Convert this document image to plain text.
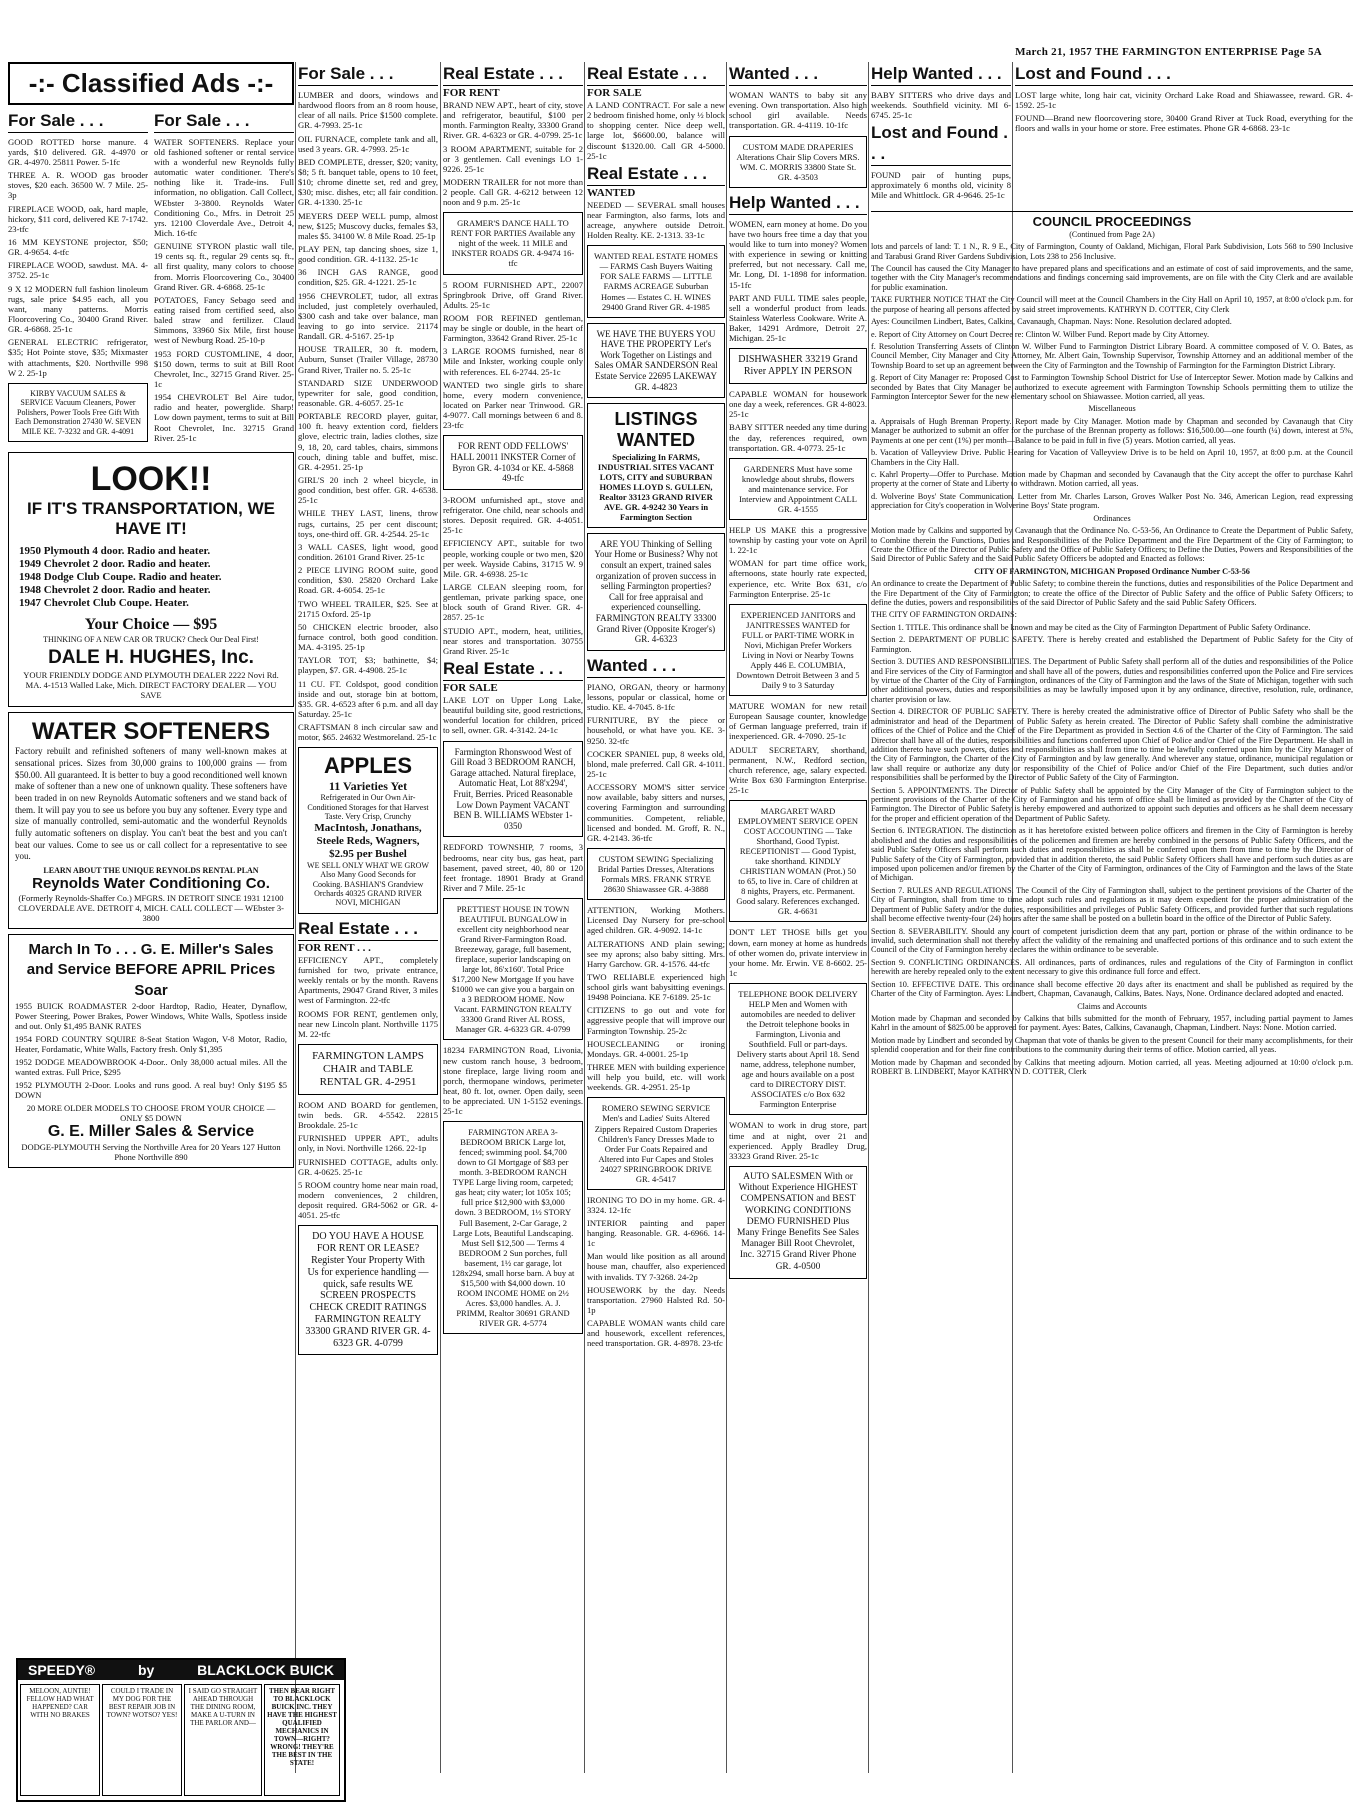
March 21, 1957 THE FARMINGTON ENTERPRISE Page 5A
-:- Classified Ads -:-
For Sale . . .

GOOD ROTTED horse manure. 4 yards, $10 delivered. GR. 4-4970 or GR. 4-4970. 25811 Power. 5-1fc

THREE A. R. WOOD gas brooder stoves, $20 each. 36500 W. 7 Mile. 25-3p

FIREPLACE WOOD, oak, hard maple, hickory, $11 cord, delivered KE 7-1742. 23-tfc

16 MM KEYSTONE projector, $50; GR. 4-9654. 4-tfc

FIREPLACE WOOD, sawdust. MA. 4-3752. 25-1c

9 X 12 MODERN full fashion linoleum rugs, sale price $4.95 each, all you want, many patterns. Morris Floorcovering Co., 30400 Grand River. GR. 4-6868. 25-1c

GENERAL ELECTRIC refrigerator, $35; Hot Pointe stove, $35; Mixmaster with attachments, $20. Northville 998 W 2. 25-1p

KIRBY VACUUM SALES & SERVICE Vacuum Cleaners, Power Polishers, Power Tools Free Gift With Each Demonstration 27430 W. SEVEN MILE KE. 7-3232 and GR. 4-4091
For Sale . . .

WATER SOFTENERS. Replace your old fashioned softener or rental service with a wonderful new Reynolds fully automatic water conditioner. There's nothing like it. Trade-ins. Full information, no obligation. Call Collect, WEbster 3-3800. Reynolds Water Conditioning Co., Mfrs. in Detroit 25 yrs. 12100 Cloverdale Ave., Detroit 4, Mich. 16-tfc

GENUINE STYRON plastic wall tile, 19 cents sq. ft., regular 29 cents sq. ft., all first quality, many colors to choose from. Morris Floorcovering Co., 30400 Grand River. GR. 4-6868. 25-1c

POTATOES, Fancy Sebago seed and eating raised from certified seed, also baled straw and fertilizer. Claud Simmons, 33960 Six Mile, first house west of Newburg Road. 25-10-p

1953 FORD CUSTOMLINE, 4 door, $150 down, terms to suit at Bill Root Chevrolet, Inc., 32715 Grand River. 25-1c

1954 CHEVROLET Bel Aire tudor, radio and heater, powerglide. Sharp! Low down payment, terms to suit at Bill Root Chevrolet, Inc. 32715 Grand River. 25-1c

LOOK!!
IF IT'S TRANSPORTATION, WE HAVE IT!

1950 Plymouth 4 door. Radio and heater.

1949 Chevrolet 2 door. Radio and heater.

1948 Dodge Club Coupe. Radio and heater.

1948 Chevrolet 2 door. Radio and heater.

1947 Chevrolet Club Coupe. Heater.

Your Choice — $95
THINKING OF A NEW CAR OR TRUCK? Check Our Deal First!
DALE H. HUGHES, Inc.
YOUR FRIENDLY DODGE AND PLYMOUTH DEALER 2222 Novi Rd. MA. 4-1513 Walled Lake, Mich. DIRECT FACTORY DEALER — YOU SAVE
WATER SOFTENERS

Factory rebuilt and refinished softeners of many well-known makes at sensational prices. Sizes from 30,000 grains to 100,000 grains — from $50.00. All guaranteed. It is better to buy a good reconditioned well known make of softener than a new one of unknown quality. These softeners have been traded in on new Reynolds Automatic softeners and we stand back of them. It will pay you to see us before you buy any softener. Every type and size of manually controlled, semi-automatic and the wonderful Reynolds fully automatic softeners on display. You can't beat the best and you can't beat our values. Come to see us or call collect for a representative to see you.

LEARN ABOUT THE UNIQUE REYNOLDS RENTAL PLAN
Reynolds Water Conditioning Co.
(Formerly Reynolds-Shaffer Co.) MFGRS. IN DETROIT SINCE 1931 12100 CLOVERDALE AVE. DETROIT 4, MICH. CALL COLLECT — WEbster 3-3800
March In To . . . G. E. Miller's Sales and Service BEFORE APRIL Prices Soar

1955 BUICK ROADMASTER 2-door Hardtop, Radio, Heater, Dynaflow, Power Steering, Power Brakes, Power Windows, White Walls, Spotless inside and out. Only $1,495 BANK RATES

1954 FORD COUNTRY SQUIRE 8-Seat Station Wagon, V-8 Motor, Radio, Heater, Fordamatic, White Walls, Factory fresh. Only $1,395

1952 DODGE MEADOWBROOK 4-Door.. Only 38,000 actual miles. All the wanted extras. Full Price, $295

1952 PLYMOUTH 2-Door. Looks and runs good. A real buy! Only $195 $5 DOWN

20 MORE OLDER MODELS TO CHOOSE FROM YOUR CHOICE — ONLY $5 DOWN
G. E. Miller Sales & Service
DODGE-PLYMOUTH Serving the Northville Area for 20 Years 127 Hutton Phone Northville 890
For Sale . . .

LUMBER and doors, windows and hardwood floors from an 8 room house, clear of all nails. Price $1500 complete. GR. 4-7993. 25-1c

OIL FURNACE, complete tank and all, used 3 years. GR. 4-7993. 25-1c

BED COMPLETE, dresser, $20; vanity, $8; 5 ft. banquet table, opens to 10 feet, $10; chrome dinette set, red and grey, $30; misc. dishes, etc; all fair condition. GR. 4-1330. 25-1c

MEYERS DEEP WELL pump, almost new, $125; Muscovy ducks, females $3, males $5. 34100 W. 8 Mile Road. 25-1p

PLAY PEN, tap dancing shoes, size 1, good condition. GR. 4-1132. 25-1c

36 INCH GAS RANGE, good condition, $25. GR. 4-1221. 25-1c

1956 CHEVROLET, tudor, all extras included, just completely overhauled, $300 cash and take over balance, man leaving to go into service. 21174 Randall. GR. 4-5167. 25-1p

HOUSE TRAILER, 30 ft. modern, Auburn, Sunset (Trailer Village, 28730 Grand River, Trailer no. 5. 25-1c

STANDARD SIZE UNDERWOOD typewriter for sale, good condition, reasonable. GR. 4-6057. 25-1c

PORTABLE RECORD player, guitar, 100 ft. heavy extention cord, fielders glove, electric train, ladies clothes, size 9, 18, 20, card tables, chairs, simmons couch, dining table and buffet, misc. GR. 4-2951. 25-1p

GIRL'S 20 inch 2 wheel bicycle, in good condition, best offer. GR. 4-6538. 25-1c

WHILE THEY LAST, linens, throw rugs, curtains, 25 per cent discount; toys, one-third off. GR. 4-2544. 25-1c

3 WALL CASES, light wood, good condition. 26101 Grand River. 25-1c

2 PIECE LIVING ROOM suite, good condition, $30. 25820 Orchard Lake Road. GR. 4-6054. 25-1c

TWO WHEEL TRAILER, $25. See at 21715 Oxford. 25-1p

50 CHICKEN electric brooder, also furnace control, both good condition. MA. 4-3195. 25-1p

TAYLOR TOT, $3; bathinette, $4; playpen, $7. GR. 4-4908. 25-1c

11 CU. FT. Coldspot, good condition inside and out, storage bin at bottom, $35. GR. 4-6523 after 6 p.m. and all day Saturday. 25-1c

CRAFTSMAN 8 inch circular saw and motor, $65. 24632 Westmoreland. 25-1c

APPLES
11 Varieties Yet
Refrigerated in Our Own Air-Conditioned Storages for that Harvest Taste. Very Crisp, Crunchy
MacIntosh, Jonathans, Steele Reds, Wagners,
$2.95 per Bushel
WE SELL ONLY WHAT WE GROW Also Many Good Seconds for Cooking. BASHIAN'S Grandview Orchards 40325 GRAND RIVER NOVI, MICHIGAN
Real Estate . . .
FOR RENT . . .

EFFICIENCY APT., completely furnished for two, private entrance, weekly rentals or by the month. Ravens Apartments, 29047 Grand River, 3 miles west of Farmington. 22-tfc

ROOMS FOR RENT, gentlemen only, near new Lincoln plant. Northville 1175 M. 22-tfc

FARMINGTON LAMPS CHAIR and TABLE RENTAL GR. 4-2951

ROOM AND BOARD for gentlemen, twin beds. GR. 4-5542. 22815 Brookdale. 25-1c

FURNISHED UPPER APT., adults only, in Novi. Northville 1266. 22-1p

FURNISHED COTTAGE, adults only. GR. 4-0625. 25-1c

5 ROOM country home near main road, modern conveniences, 2 children, deposit required. GR4-5062 or GR. 4-4051. 25-tfc

DO YOU HAVE A HOUSE FOR RENT OR LEASE? Register Your Property With Us for experience handling — quick, safe results WE SCREEN PROSPECTS CHECK CREDIT RATINGS FARMINGTON REALTY 33300 GRAND RIVER GR. 4-6323 GR. 4-0799
Real Estate . . .
FOR RENT

BRAND NEW APT., heart of city, stove and refrigerator, beautiful, $100 per month. Farmington Realty, 33300 Grand River. GR. 4-6323 or GR. 4-0799. 25-1c

3 ROOM APARTMENT, suitable for 2 or 3 gentlemen. Call evenings LO 1-9226. 25-1c

MODERN TRAILER for not more than 2 people. Call GR. 4-6212 between 12 noon and 9 p.m. 25-1c

GRAMER'S DANCE HALL TO RENT FOR PARTIES Available any night of the week. 11 MILE and INKSTER ROADS GR. 4-9474 16-tfc

5 ROOM FURNISHED APT., 22007 Springbrook Drive, off Grand River. Adults. 25-1c

ROOM FOR REFINED gentleman, may be single or double, in the heart of Farmington, 33642 Grand River. 25-1c

3 LARGE ROOMS furnished, near 8 Mile and Inkster, working couple only with references. EL 6-2744. 25-1c

WANTED two single girls to share home, every modern convenience, located on Parker near Trinwood. GR. 4-9077. Call mornings between 6 and 8. 23-tfc

FOR RENT ODD FELLOWS' HALL 20011 INKSTER Corner of Byron GR. 4-1034 or KE. 4-5868 49-tfc

3-ROOM unfurnished apt., stove and refrigerator. One child, near schools and stores. Deposit required. GR. 4-4051. 25-1c

EFFICIENCY APT., suitable for two people, working couple or two men, $20 per week. Wayside Cabins, 31715 W. 9 Mile. GR. 4-6938. 25-1c

LARGE CLEAN sleeping room, for gentleman, private parking space, one block south of Grand River. GR. 4-2857. 25-1c

STUDIO APT., modern, heat, utilities, near stores and transportation. 30755 Grand River. 25-1c

Real Estate . . .
FOR SALE

LAKE LOT on Upper Long Lake, beautiful building site, good restrictions, wonderful location for children, priced to sell, owner. GR. 4-3142. 24-1c

Farmington Rhonswood West of Gill Road 3 BEDROOM RANCH, Garage attached. Natural fireplace, Automatic Heat, Lot 88'x294', Fruit, Berries. Priced Reasonable Low Down Payment VACANT BEN B. WILLIAMS WEbster 1-0350

REDFORD TOWNSHIP, 7 rooms, 3 bedrooms, near city bus, gas heat, part basement, paved street, 40, 80 or 120 feet frontage. 18901 Brady at Grand River and 7 Mile. 25-1c

PRETTIEST HOUSE IN TOWN BEAUTIFUL BUNGALOW in excellent city neighborhood near Grand River-Farmington Road. Breezeway, garage, full basement, fireplace, superior landscaping on large lot, 86'x160'. Total Price $17,200 New Mortgage If you have $1000 we can give you a bargain on a 3 BEDROOM HOME. Now Vacant. FARMINGTON REALTY 33300 Grand River AL ROSS, Manager GR. 4-6323 GR. 4-0799

18234 FARMINGTON Road, Livonia, new custom ranch house, 3 bedroom, stone fireplace, large living room and porch, thermopane windows, perimeter heat, 80 ft. lot, owner. Open daily, seen to be appreciated. UN 1-5152 evenings. 25-1c

FARMINGTON AREA 3-BEDROOM BRICK Large lot, fenced; swimming pool. $4,700 down to GI Mortgage of $83 per month. 3-BEDROOM RANCH TYPE Large living room, carpeted; gas heat; city water; lot 105x 105; full price $12,900 with $3,000 down. 3 BEDROOM, 1½ STORY Full Basement, 2-Car Garage, 2 Large Lots, Beautiful Landscaping. Must Sell $12,500 — Terms 4 BEDROOM 2 Sun porches, full basement, 1½ car garage, lot 128x294, small horse barn. A buy at $15,500 with $4,000 down. 10 ROOM INCOME HOME on 2½ Acres. $3,000 handles. A. J. PRIMM, Realtor 30691 GRAND RIVER GR. 4-5774
Real Estate . . .
FOR SALE

A LAND CONTRACT. For sale a new 2 bedroom finished home, only ½ block to shopping center. Nice deep well, large lot, $6600.00, balance will discount $1320.00. Call GR 4-5000. 25-1c

Real Estate . . .
WANTED

NEEDED — SEVERAL small houses near Farmington, also farms, lots and acreage, anywhere outside Detroit. Holden Realty. KE. 2-1313. 33-1c

WANTED REAL ESTATE HOMES — FARMS Cash Buyers Waiting FOR SALE FARMS — LITTLE FARMS ACREAGE Suburban Homes — Estates C. H. WINES 29400 Grand River GR. 4-1985
WE HAVE THE BUYERS YOU HAVE THE PROPERTY Let's Work Together on Listings and Sales OMAR SANDERSON Real Estate Service 22695 LAKEWAY GR. 4-4823
LISTINGS WANTED
Specializing In FARMS, INDUSTRIAL SITES VACANT LOTS, CITY and SUBURBAN HOMES LLOYD S. GULLEN, Realtor 33123 GRAND RIVER AVE. GR. 4-9242 30 Years in Farmington Section
ARE YOU Thinking of Selling Your Home or Business? Why not consult an expert, trained sales organization of proven success in selling Farmington properties? Call for free appraisal and experienced counselling. FARMINGTON REALTY 33300 Grand River (Opposite Kroger's) GR. 4-6323
Wanted . . .

PIANO, ORGAN, theory or harmony lessons, popular or classical, home or studio. KE. 4-7045. 8-1fc

FURNITURE, BY the piece or household, or what have you. KE. 3-9250. 32-tfc

COCKER SPANIEL pup, 8 weeks old, blond, male preferred. Call GR. 4-1011. 25-1c

ACCESSORY MOM'S sitter service now available, baby sitters and nurses, covering Farmington and surrounding communities. Competent, reliable, licensed and bonded. M. Groff, R. N., GR. 4-2143. 36-tfc

CUSTOM SEWING Specializing Bridal Parties Dresses, Alterations Formals MRS. FRANK STRYE 28630 Shiawassee GR. 4-3888

ATTENTION, Working Mothers. Licensed Day Nursery for pre-school aged children. GR. 4-9092. 14-1c

ALTERATIONS AND plain sewing; see my aprons; also baby sitting. Mrs. Harry Garchow. GR. 4-1576. 44-tfc

TWO RELIABLE experienced high school girls want babysitting evenings. 19498 Poinciana. KE 7-6189. 25-1c

CITIZENS to go out and vote for aggressive people that will improve our Farmington Township. 25-2c

HOUSECLEANING or ironing Mondays. GR. 4-0001. 25-1p

THREE MEN with building experience will help you build, etc. will work weekends. GR. 4-2951. 25-1p

ROMERO SEWING SERVICE Men's and Ladies' Suits Altered Zippers Repaired Custom Draperies Children's Fancy Dresses Made to Order Fur Coats Repaired and Altered into Fur Capes and Stoles 24027 SPRINGBROOK DRIVE GR. 4-5417

IRONING TO DO in my home. GR. 4-3324. 12-1fc

INTERIOR painting and paper hanging. Reasonable. GR. 4-6966. 14-1c

Man would like position as all around house man, chauffer, also experienced with invalids. TY 7-3268. 24-2p

HOUSEWORK by the day. Needs transportation. 27960 Halsted Rd. 50-1p

CAPABLE WOMAN wants child care and housework, excellent references, need transportation. GR. 4-8978. 23-tfc

Wanted . . .

WOMAN WANTS to baby sit any evening. Own transportation. Also high school girl available. Needs transportation. GR. 4-4119. 10-1fc

CUSTOM MADE DRAPERIES Alterations Chair Slip Covers MRS. WM. C. MORRIS 33800 State St. GR. 4-3503
Help Wanted . . .

WOMEN, earn money at home. Do you have two hours free time a day that you would like to turn into money? Women with experience in sewing or knitting preferred, but not necessary. Call me, Mr. Long, DI. 1-1898 for information. 15-1fc

PART AND FULL TIME sales people, sell a wonderful product from leads. Stainless Waterless Cookware. Write A. Baker, 14291 Ardmore, Detroit 27, Michigan. 25-1c

DISHWASHER 33219 Grand River APPLY IN PERSON

CAPABLE WOMAN for housework one day a week, references. GR 4-8023. 25-1c

BABY SITTER needed any time during the day, references required, own transportation. GR. 4-0773. 25-1c

GARDENERS Must have some knowledge about shrubs, flowers and maintenance service. For Interview and Appointment CALL GR. 4-1555

HELP US MAKE this a progressive township by casting your vote on April 1. 22-1c

WOMAN for part time office work, afternoons, state hourly rate expected, experience, etc. Write Box 631, c/o Farmington Enterprise. 25-1c

EXPERIENCED JANITORS and JANITRESSES WANTED for FULL or PART-TIME WORK in Novi, Michigan Prefer Workers Living in Novi or Nearby Towns Apply 446 E. COLUMBIA, Downtown Detroit Between 3 and 5 Daily 9 to 3 Saturday

MATURE WOMAN for new retail European Sausage counter, knowledge of German language preferred, train if inexperienced. GR. 4-7090. 25-1c

ADULT SECRETARY, shorthand, permanent, N.W., Redford section, church reference, age, salary expected. Write Box 630 Farmington Enterprise. 25-1c

MARGARET WARD EMPLOYMENT SERVICE OPEN COST ACCOUNTING — Take Shorthand, Good Typist. RECEPTIONIST — Good Typist, take shorthand. KINDLY CHRISTIAN WOMAN (Prot.) 50 to 65, to live in. Care of children at 8 nights, Prayers, etc. Permanent. Good salary. References exchanged. GR. 4-6631

DON'T LET THOSE bills get you down, earn money at home as hundreds of other women do, private interview in your home. Mr. Erwin. VE 8-6602. 25-1c

TELEPHONE BOOK DELIVERY HELP Men and Women with automobiles are needed to deliver the Detroit telephone books in Farmington, Livonia and Southfield. Full or part-days. Delivery starts about April 18. Send name, address, telephone number, age and hours available on a post card to DIRECTORY DIST. ASSOCIATES c/o Box 632 Farmington Enterprise

WOMAN to work in drug store, part time and at night, over 21 and experienced. Apply Bradley Drug, 33323 Grand River. 25-1c

AUTO SALESMEN With or Without Experience HIGHEST COMPENSATION and BEST WORKING CONDITIONS DEMO FURNISHED Plus Many Fringe Benefits See Sales Manager Bill Root Chevrolet, Inc. 32715 Grand River Phone GR. 4-0500
Help Wanted . . .

BABY SITTERS who drive days and weekends. Southfield vicinity. MI 6-6745. 25-1c

Lost and Found . . .

FOUND pair of hunting pups, approximately 6 months old, vicinity 8 Mile and Whittlock. GR 4-9646. 25-1c

Lost and Found . . .

LOST large white, long hair cat, vicinity Orchard Lake Road and Shiawassee, reward. GR. 4-1592. 25-1c

FOUND—Brand new floorcovering store, 30400 Grand River at Tuck Road, everything for the floors and walls in your home or store. Free estimates. Phone GR 4-6868. 23-1c

COUNCIL PROCEEDINGS
(Continued from Page 2A)

lots and parcels of land: T. 1 N., R. 9 E., City of Farmington, County of Oakland, Michigan, Floral Park Subdivision, Lots 568 to 590 Inclusive and Tarabusi Grand River Gardens Subdivision, Lots 238 to 256 Inclusive.

The Council has caused the City Manager to have prepared plans and specifications and an estimate of cost of said improvements, and the same, together with the City Manager's recommendations and findings concerning said improvements, are on file with the City Clerk and are available for public examination.

TAKE FURTHER NOTICE THAT the City Council will meet at the Council Chambers in the City Hall on April 10, 1957, at 8:00 o'clock p.m. for the purpose of hearing all persons affected by said street improvements. KATHRYN D. COTTER, City Clerk

Ayes: Councilmen Lindbert, Bates, Calkins, Cavanaugh, Chapman. Nays: None. Resolution declared adopted.

e. Report of City Attorney on Court Decree re: Clinton W. Wilber Fund. Report made by City Attorney.

f. Resolution Transferring Assets of Clinton W. Wilber Fund to Farmington District Library Board. A committee composed of V. O. Bates, as Council Member, City Manager and City Attorney, Mr. Albert Gain, Township Supervisor, Township Attorney and an additional member of the Township Board to set up an agreement between the City of Farmington and the Township of Farmington for the Farmington District Library.

g. Report of City Manager re: Proposed Cost to Farmington Township School District for Use of Interceptor Sewer. Motion made by Calkins and seconded by Bates that City Manager be authorized to execute agreement with Farmington Township Schools permitting them to utilize the Farmington Interceptor Sewer for the new elementary school on Shiawassee. Motion carried, all yeas.

Miscellaneous

a. Appraisals of Hugh Brennan Property. Report made by City Manager. Motion made by Chapman and seconded by Cavanaugh that City Manager be authorized to submit an offer for the purchase of the Brennan property as follows: $16,500.00—one fourth (¼) down, interest at 5%, Payments at one per cent (1%) per month—Balance to be paid in full in five (5) years. Motion carried, all yeas.

b. Vacation of Valleyview Drive. Public Hearing for Vacation of Valleyview Drive is to be held on April 10, 1957, at 8:00 p.m. at the Council Chambers in the City Hall.

c. Kahrl Property—Offer to Purchase. Motion made by Chapman and seconded by Cavanaugh that the City accept the offer to purchase Kahrl property at the corner of State and Liberty to withdrawn. Motion carried, all yeas.

d. Wolverine Boys' State Communication. Letter from Mr. Charles Larson, Groves Walker Post No. 346, American Legion, read expressing appreciation for City's cooperation in Wolverine Boys' State program.

Ordinances

Motion made by Calkins and supported by Cavanaugh that the Ordinance No. C-53-56, An Ordinance to Create the Department of Public Safety, to Combine therein the Functions, Duties and Responsibilities of the Police Department and the Fire Department of the City of Farmington; to Create the Office of the Director of Public Safety and the Office of Public Safety Officers; to Define the Duties, Powers and Responsibilities of the Said Director of Public Safety and the Said Public Safety Officers be adopted and Enacted as follows:

CITY OF FARMINGTON, MICHIGAN Proposed Ordinance Number C-53-56

An ordinance to create the Department of Public Safety; to combine therein the functions, duties and responsibilities of the Police Department and the Fire Department of the City of Farmington; to create the office of the Director of Public Safety and the office of Public Safety Officers; to define the duties, powers and responsibilities of the said Director of Public Safety and the said Public Safety Officers.

THE CITY OF FARMINGTON ORDAINS:

Section 1. TITLE. This ordinance shall be known and may be cited as the City of Farmington Department of Public Safety Ordinance.

Section 2. DEPARTMENT OF PUBLIC SAFETY. There is hereby created and established the Department of Public Safety for the City of Farmington.

Section 3. DUTIES AND RESPONSIBILITIES. The Department of Public Safety shall perform all of the duties and responsibilities of the Police and Fire services of the City of Farmington and shall have all of the powers, duties and responsibilities conferred upon the Police and Fire services by virtue of the Charter of the City of Farmington, ordinances of the City of Farmington and the laws of the State of Michigan, together with such other additional powers, duties and responsibilities as may be lawfully imposed upon it by any ordinance, directive, resolution, rule, ordinance, charter provision or law.

Section 4. DIRECTOR OF PUBLIC SAFETY. There is hereby created the administrative office of Director of Public Safety who shall be the administrator and head of the Department of Public Safety as herein created. The Director of Public Safety shall combine the administrative offices of the Chief of Police and the Chief of the Fire Department as provided in Section 4.6 of the Charter of the City of Farmington. The said Director shall have all of the duties, responsibilities and functions conferred upon Chief of Police and/or Chief of the Fire Department. He shall in addition thereto have such powers, duties and responsibilities as shall from time to time be lawfully conferred upon him by the City Manager of the City of Farmington, the Charter of the City of Farmington and by law generally. And wherever any statue, ordinance, municipal regulation or law shall require or authorize any duty or responsibility of the Chief of Police and/or Chief of the Fire Department, such duties and/or responsibilities shall be performed by the Director of Public Safety of the City of Farmington.

Section 5. APPOINTMENTS. The Director of Public Safety shall be appointed by the City Manager of the City of Farmington subject to the pertinent provisions of the Charter of the City of Farmington and his term of office shall be limited as provided by the Charter of the City of Farmington. The Director of Public Safety is hereby empowered and authorized to appoint such deputies and officers as he shall deem necessary for the proper and efficient operation of the Department of Public Safety.

Section 6. INTEGRATION. The distinction as it has heretofore existed between police officers and firemen in the City of Farmington is hereby abolished and the duties and responsibilities of the policemen and firemen are hereby combined in the persons of Public Safety Officers, and the said Public Safety Officers shall perform such duties and responsibilities as shall be conferred upon them from time to time by the Director of Public Safety of the City of Farmington, provided that in addition thereto, the said Public Safety Officers shall have and perform such duties as are imposed upon policemen and/or firemen by the Charter of the City of Farmington, ordinances of the City of Farmington and the laws of the State of Michigan.

Section 7. RULES AND REGULATIONS. The Council of the City of Farmington shall, subject to the pertinent provisions of the Charter of the City of Farmington, shall from time to time adopt such rules and regulations as it may deem expedient for the proper administration of the Department of Public Safety and/or the duties, responsibilities and privileges of Public Safety Officers, and provided further that such regulations shall become effective twenty-four (24) hours after the same shall be posted on a bulletin board in the office of the Director of Public Safety.

Section 8. SEVERABILITY. Should any court of competent jurisdiction deem that any part, portion or phrase of the within ordinance to be invalid, such determination shall not thereby affect the validity of the remaining and unaffected portions of this ordinance and to such extent the Council of the City of Farmington hereby declares the within ordinance to be severable.

Section 9. CONFLICTING ORDINANCES. All ordinances, parts of ordinances, rules and regulations of the City of Farmington in conflict herewith are hereby repealed only to the extent necessary to give this ordinance full force and effect.

Section 10. EFFECTIVE DATE. This ordinance shall become effective 20 days after its enactment and shall be published as required by the Charter of the City of Farmington. Ayes: Lindbert, Chapman, Cavanaugh, Calkins, Bates. Nays, None. Ordinance declared adopted and enacted.

Claims and Accounts

Motion made by Chapman and seconded by Calkins that bills submitted for the month of February, 1957, including partial payment to James Kahrl in the amount of $825.00 be approved for payment. Ayes: Bates, Calkins, Cavanaugh, Chapman, Lindbert. Nays: None. Motion carried.

Motion made by Lindbert and seconded by Chapman that vote of thanks be given to the present Council for their many accomplishments, for their splendid cooperation and for their fine contributions to the community during their terms of office. Motion carried, all yeas.

Motion made by Chapman and seconded by Calkins that meeting adjourn. Motion carried, all yeas. Meeting adjourned at 10:00 o'clock p.m. ROBERT B. LINDBERT, Mayor KATHRYN D. COTTER, Clerk

SPEEDY®	by	BLACKLOCK BUICK
MELOON, AUNTIE! FELLOW HAD WHAT HAPPENED? CAR WITH NO BRAKES
COULD I TRADE IN MY DOG FOR THE BEST REPAIR JOB IN TOWN? WOTSO? YES!
I SAID GO STRAIGHT AHEAD THROUGH THE DINING ROOM, MAKE A U-TURN IN THE PARLOR AND—
THEN BEAR RIGHT TO BLACKLOCK BUICK INC. THEY HAVE THE HIGHEST QUALIFIED MECHANICS IN TOWN—RIGHT? WRONG! THEY'RE THE BEST IN THE STATE!
